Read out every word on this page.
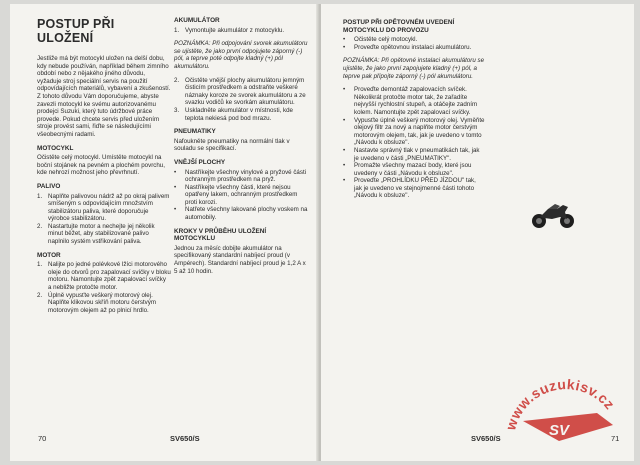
POSTUP PŘI ULOŽENÍ

Jestliže má být motocykl uložen na delší dobu, kdy nebude používán, například během zimního období nebo z nějakého jiného důvodu, vyžaduje stroj speciální servis na použití odpovídajících materiálů, vybavení a zkušeností. Z tohoto důvodu Vám doporučujeme, abyste zavezli motocykl ke svému autorizovanému prodejci Suzuki, který tuto údržbové práce provede. Pokud chcete servis před uložením stroje provést sami, řiďte se následujícími všeobecnými radami.

MOTOCYKL

Očistěte celý motocykl. Umístěte motocykl na boční stojánek na pevném a plochém povrchu, kde nehrozí možnost jeho převrhnutí.

PALIVO
1. Naplňte palivovou nádrž až po okraj palivem smíšeným s odpovídajícím množstvím stabilizátoru paliva, které doporučuje výrobce stabilizátoru.
2. Nastartujte motor a nechejte jej několik minut běžet, aby stabilizované palivo naplnilo systém vstřikování paliva.
MOTOR
1. Nalijte po jedné polévkové lžíci motorového oleje do otvorů pro zapalovací svíčky v bloku motoru. Namontujte zpět zapalovací svíčky a nebližte protočte motor.
2. Úplně vypusťte veškerý motorový olej. Naplňte klikovou skříň motoru čerstvým motorovým olejem až po plnicí hrdlo.
AKUMULÁTOR
1. Vymontujte akumulátor z motocyklu.

POZNÁMKA: Při odpojování svorek akumulátoru se ujistěte, že jako první odpojujete záporný (-) pól, a teprve poté odpojte kladný (+) pól akumulátoru.

2. Očistěte vnější plochy akumulátoru jemným čisticím prostředkem a odstraňte veškeré náznaky koroze ze svorek akumulátoru a ze svazku vodičů ke svorkám akumulátoru.
3. Uskladněte akumulátor v místnosti, kde teplota nekiesá pod bod mrazu.
PNEUMATIKY

Nafoukněte pneumatiky na normální tlak v souladu se specifikací.

VNĚJŠÍ PLOCHY
• Nastříkejte všechny vinylové a pryžové části ochranným prostředkem na pryž.
• Nastříkejte všechny části, které nejsou opatřeny lakem, ochranným prostředkem proti korozi.
• Natřete všechny lakované plochy voskem na automobily.
KROKY V PRŮBĚHU ULOŽENÍ MOTOCYKLU

Jednou za měsíc dobijte akumulátor na specifikovaný standardní nabíjecí proud (v Ampérech). Standardní nabíjecí proud je 1,2 A x 5 až 10 hodin.

70	SV650/S
POSTUP PŘI OPĚTOVNÉM UVEDENÍ MOTOCYKLU DO PROVOZU
• Očistěte celý motocykl.
• Proveďte opětovnou instalaci akumulátoru.

POZNÁMKA: Při opětovné instalaci akumulátoru se ujistěte, že jako první zapojujete kladný (+) pól, a teprve pak připojte záporný (-) pól akumulátoru.

• Proveďte demontáž zapalovacích svíček. Několikrát protočte motor tak, že zařadíte nejvyšší rychlostní stupeň, a otáčejte zadním kolem. Namontujte zpět zapalovací svíčky.
• Vypusťte úplně veškerý motorový olej. Vyměňte olejový filtr za nový a naplňte motor čerstvým motorovým olejem, tak, jak je uvedeno v tomto „Návodu k obsluze".
• Nastavte správný tlak v pneumatikách tak, jak je uvedeno v části „PNEUMATIKY".
• Promažte všechny mazací body, které jsou uvedeny v části „Návodu k obsluze".
• Proveďte „PROHLÍDKU PŘED JÍZDOU" tak, jak je uvedeno ve stejnojmenné části tohoto „Návodu k obsluze".
www.suzukisv.cz
SV
SV650/S	71
